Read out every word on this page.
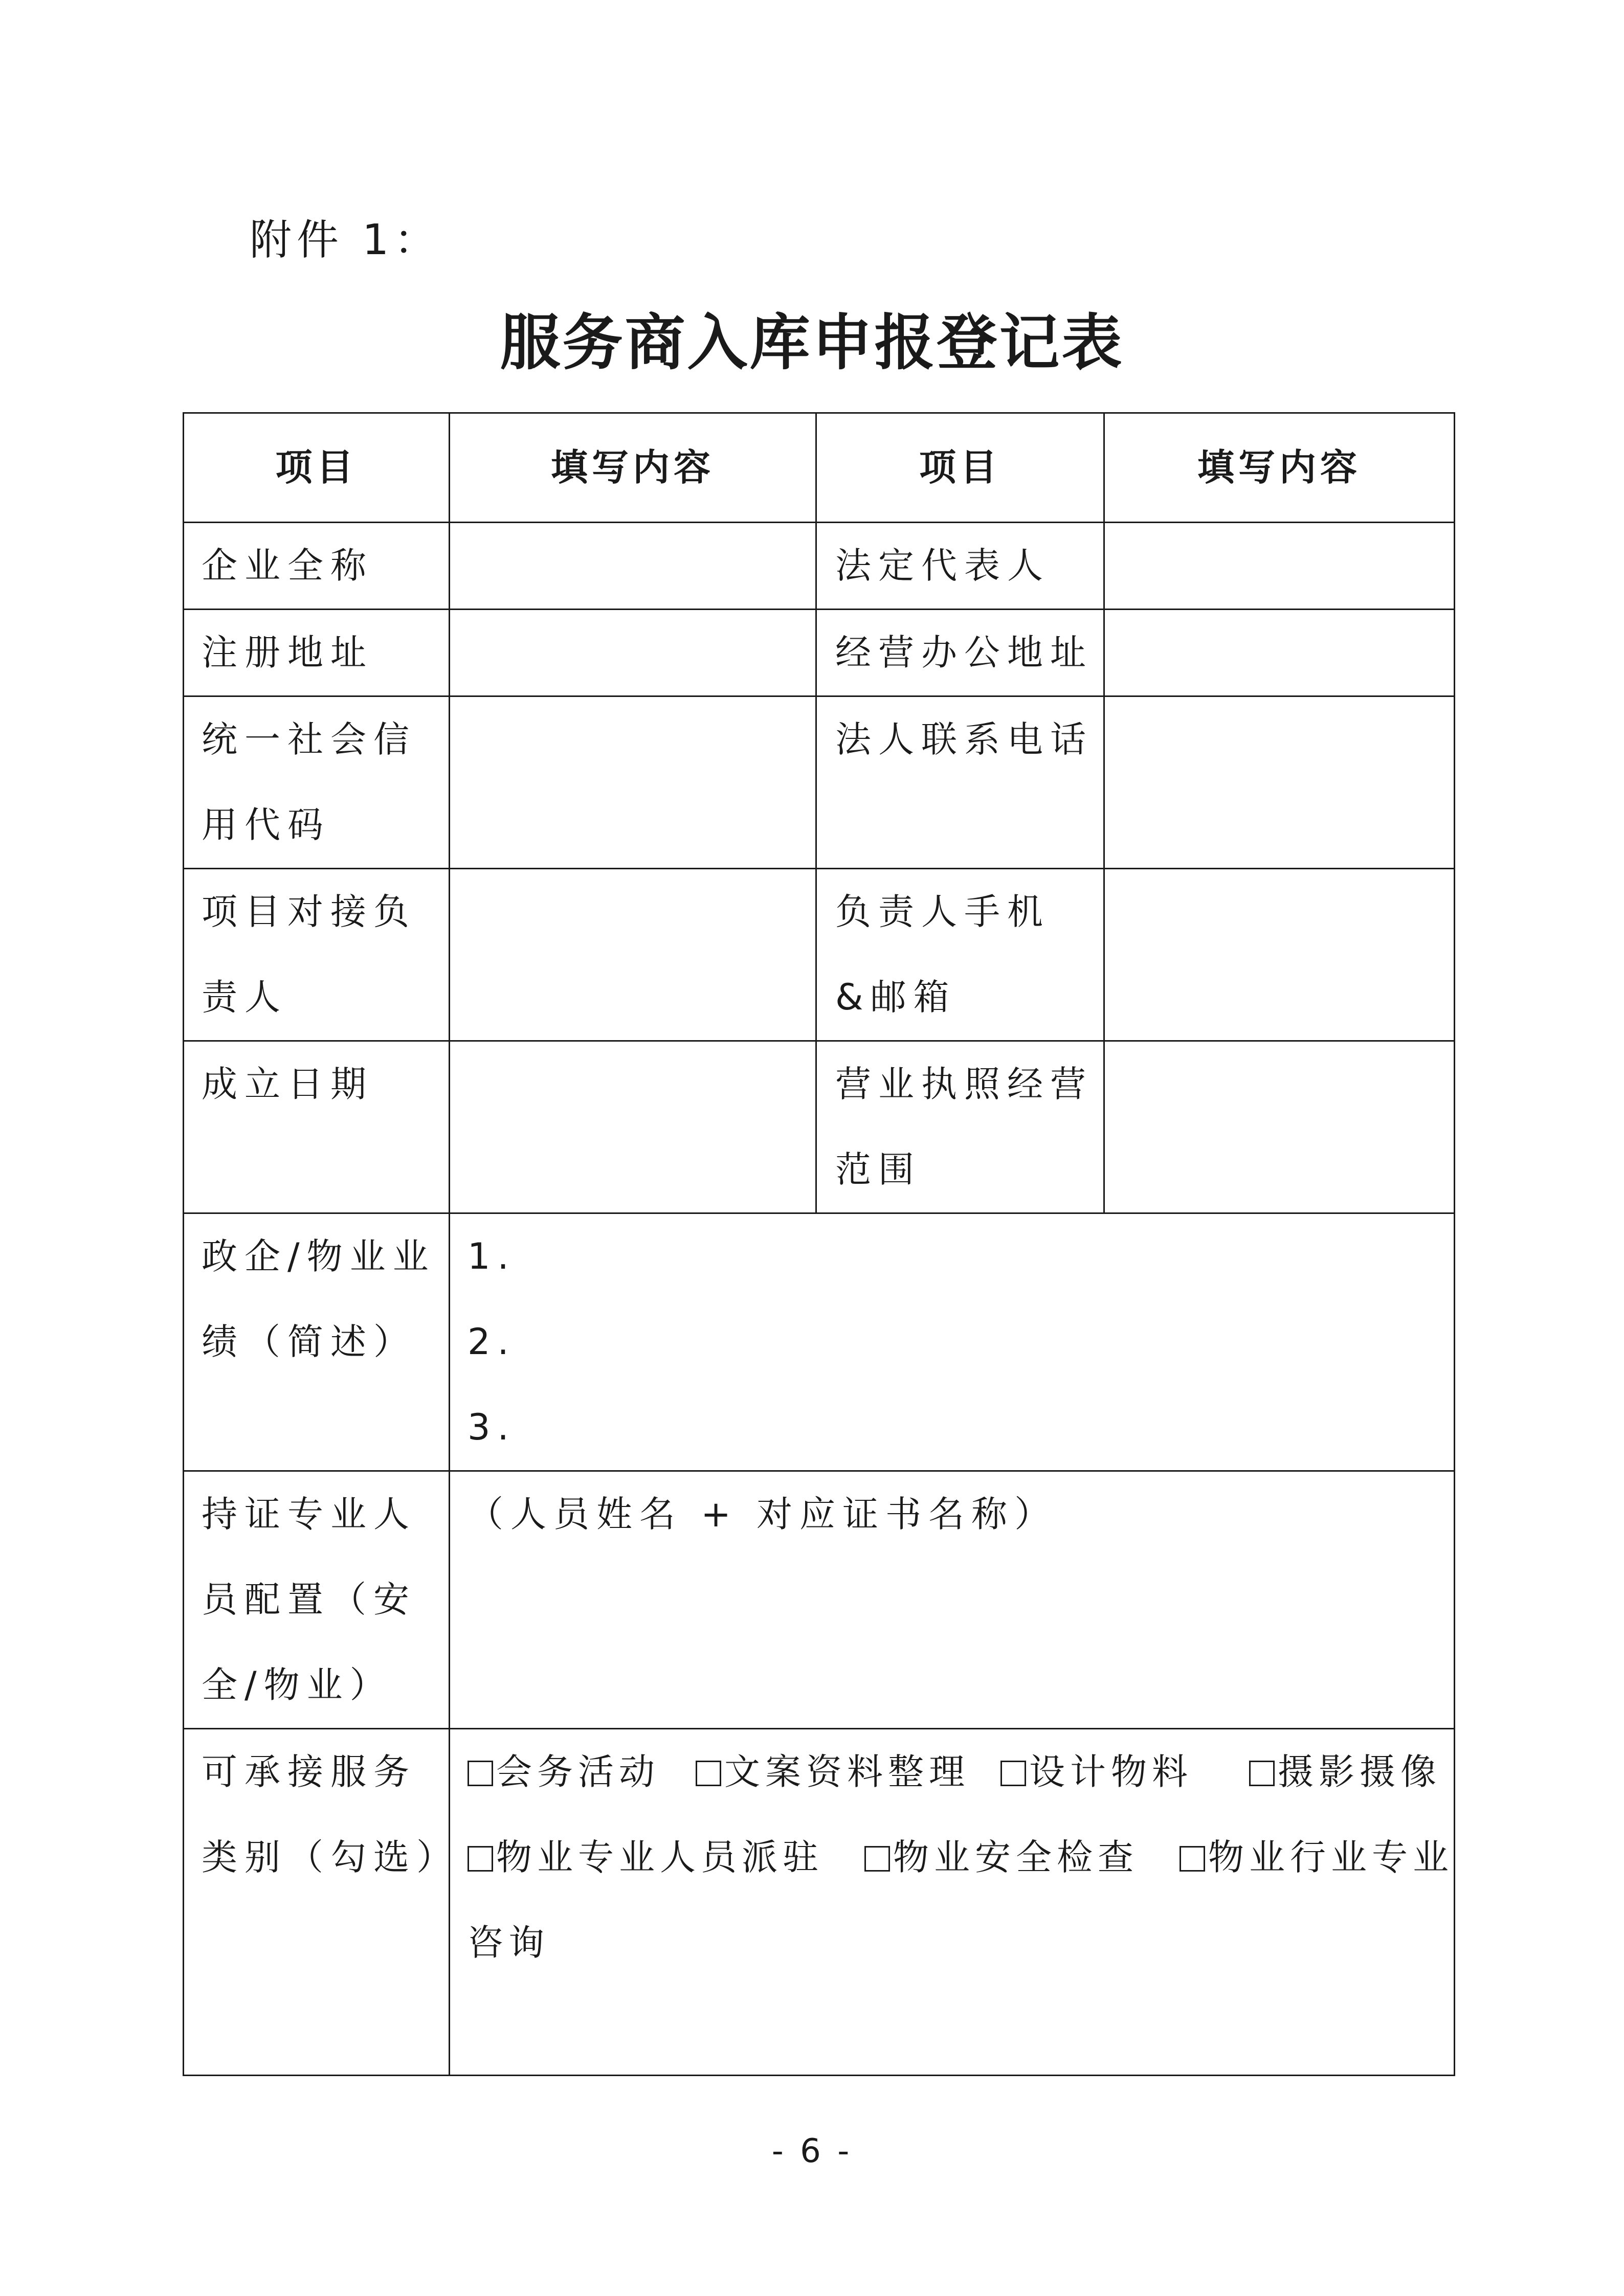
附件 1：
服务商入库申报登记表
项目	填写内容	项目	填写内容
企业全称		法定代表人	
注册地址		经营办公地址	
统一社会信用代码		法人联系电话	
项目对接负责人		负责人手机 &邮箱	
成立日期		营业执照经营范围	
政企/物业业绩（简述）	1.
2.
3.		

持证专业人员配置（安全/物业）	（人员姓名 + 对应证书名称）		

可承接服务类别（勾选）	会务活动 文案资料整理 设计物料 摄影摄像
物业专业人员派驻 物业安全检查 物业行业专业
咨询		
- 6 -
